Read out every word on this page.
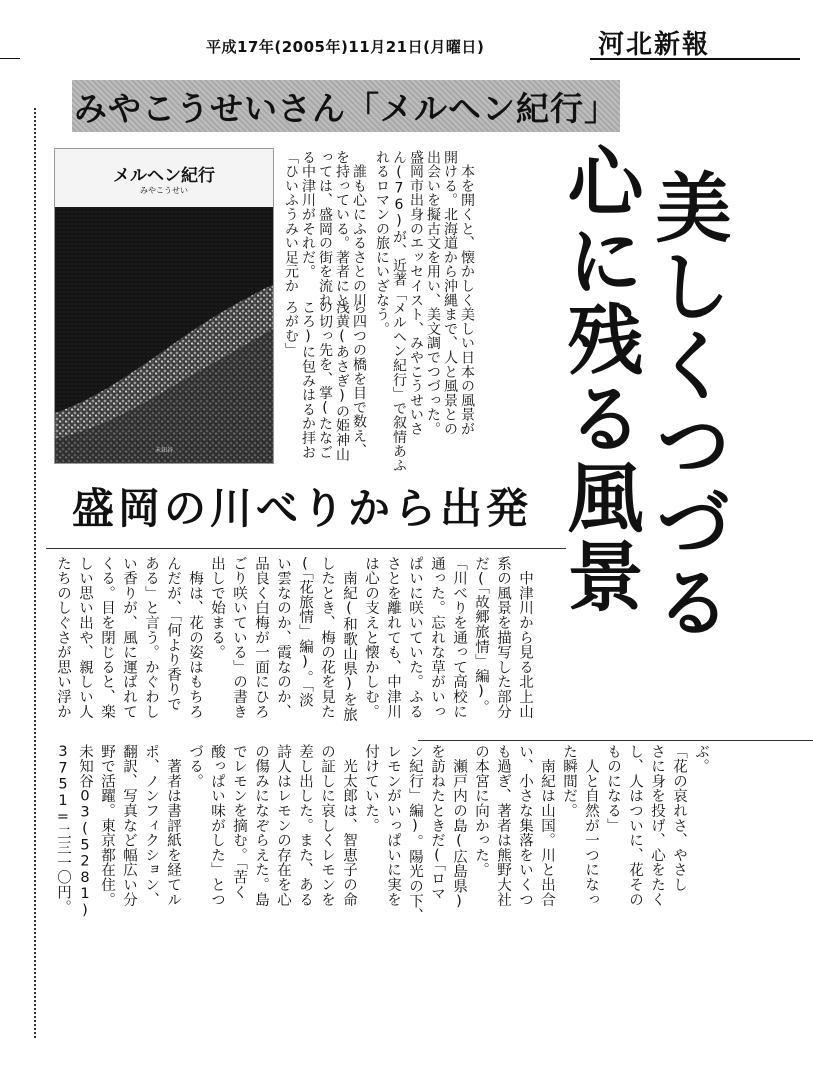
平成17年(2005年)11月21日(月曜日)	河北新報
みやこうせいさん「メルヘン紀行」
メルヘン紀行
みやこうせい
未知谷
　本を開くと、懐かしく美しい日本の風景が
開ける。北海道から沖縄まで、人と風景との
出会いを擬古文を用い、美文調でつづった。
盛岡市出身のエッセイスト、みやこうせいさ
ん(76)が、近著「メルヘン紀行」で叙情あふ
れるロマンの旅にいざなう。
　誰も心にふるさとの川
を持っている。著者にと
っては、盛岡の街を流れ
る中津川がそれだ。
「ひいふうみい足元か
ら四つの橋を目で数え、
浅黄(あさぎ)の姫神山
の切っ先を、掌(たなご
ころ)に包みはるか拝お
ろがむ」	心に残る風景 美しくつづる
盛岡の川べりから出発
　中津川から見る北上山
系の風景を描写した部分
だ(「故郷旅情」編)。
「川べりを通って高校に
通った。忘れな草がいっ
ぱいに咲いていた。ふる
さとを離れても、中津川
は心の支えと懐かしむ。
　南紀(和歌山県)を旅
したとき、梅の花を見た
(「花旅情」編)。「淡
い雲なのか、霞なのか、
品良く白梅が一面にひろ
ごり咲いている」の書き
出しで始まる。
　梅は、花の姿はもちろ
んだが、「何より香りで
ある」と言う。かぐわし
い香りが、風に運ばれて
くる。目を閉じると、楽
しい思い出や、親しい人
たちのしぐさが思い浮か
ぶ。
「花の哀れさ、やさし
さに身を投げ、心をたく
し、人はついに、花その
ものになる」
　人と自然が一つになっ
た瞬間だ。
　南紀は山国。川と出合
い、小さな集落をいくつ
も過ぎ、著者は熊野大社
の本宮に向かった。
　瀬戸内の島(広島県)
を訪ねたときだ(「ロマ
ン紀行」編)。陽光の下、
レモンがいっぱいに実を
付けていた。
　光太郎は、智恵子の命
の証しに哀しくレモンを
差し出した。また、ある
詩人はレモンの存在を心
の傷みになぞらえた。島
でレモンを摘む。「苦く
酸っぱい味がした」とつ
づる。
　著者は書評紙を経てル
ポ、ノンフィクション、
翻訳、写真など幅広い分
野で活躍。東京都在住。
未知谷03(5281)
3751=二三一〇円。
